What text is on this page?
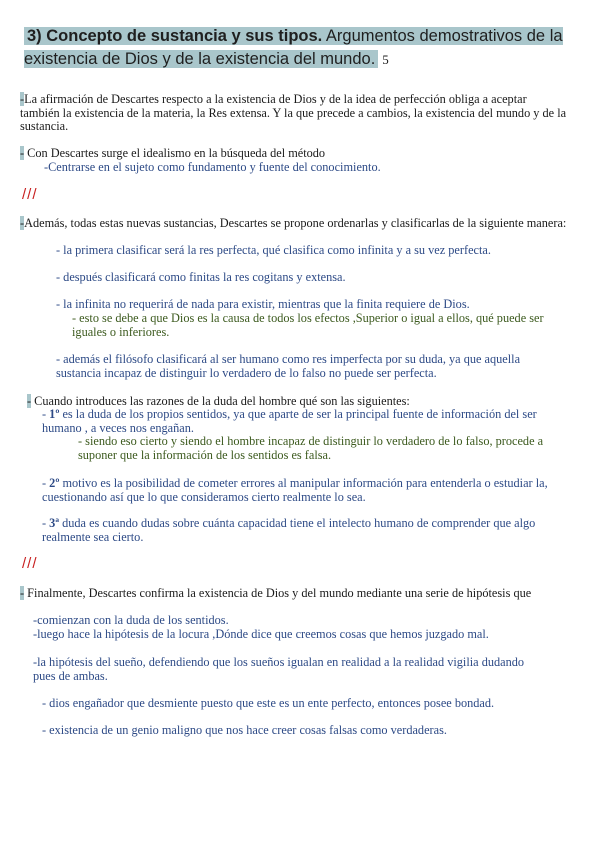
3) Concepto de sustancia y sus tipos. Argumentos demostrativos de la existencia de Dios y de la existencia del mundo. 5
-La afirmación de Descartes respecto a la existencia de Dios y de la idea de perfección obliga a aceptar también la existencia de la materia, la Res extensa. Y la que precede a cambios, la existencia del mundo y de la sustancia.
- Con Descartes surge el idealismo en la búsqueda del método
-Centrarse en el sujeto como fundamento y fuente del conocimiento.
///
-Además, todas estas nuevas sustancias, Descartes se propone ordenarlas y clasificarlas de la siguiente manera:
- la primera clasificar será la res perfecta, qué clasifica como infinita y a su vez perfecta.
- después clasificará como finitas la res cogitans y extensa.
- la infinita no requerirá de nada para existir, mientras que la finita requiere de Dios.
- esto se debe a que Dios es la causa de todos los efectos ,Superior o igual a ellos, qué puede ser iguales o inferiores.
- además el filósofo clasificará al ser humano como res imperfecta por su duda, ya que aquella sustancia incapaz de distinguir lo verdadero de lo falso no puede ser perfecta.
- Cuando introduces las razones de la duda del hombre qué son las siguientes:
- 1º es la duda de los propios sentidos, ya que aparte de ser la principal fuente de información del ser humano , a veces nos engañan.
- siendo eso cierto y siendo el hombre incapaz de distinguir lo verdadero de lo falso, procede a suponer que la información de los sentidos es falsa.
- 2º motivo es la posibilidad de cometer errores al manipular información para entenderla o estudiar la, cuestionando así que lo que consideramos cierto realmente lo sea.
- 3ª duda es cuando dudas sobre cuánta capacidad tiene el intelecto humano de comprender que algo realmente sea cierto.
///
- Finalmente, Descartes confirma la existencia de Dios y del mundo mediante una serie de hipótesis que
-comienzan con la duda de los sentidos.
-luego hace la hipótesis de la locura ,Dónde dice que creemos cosas que hemos juzgado mal.
-la hipótesis del sueño, defendiendo que los sueños igualan en realidad a la realidad vigilia dudando pues de ambas.
- dios engañador que desmiente puesto que este es un ente perfecto, entonces posee bondad.
- existencia de un genio maligno que nos hace creer cosas falsas como verdaderas.
